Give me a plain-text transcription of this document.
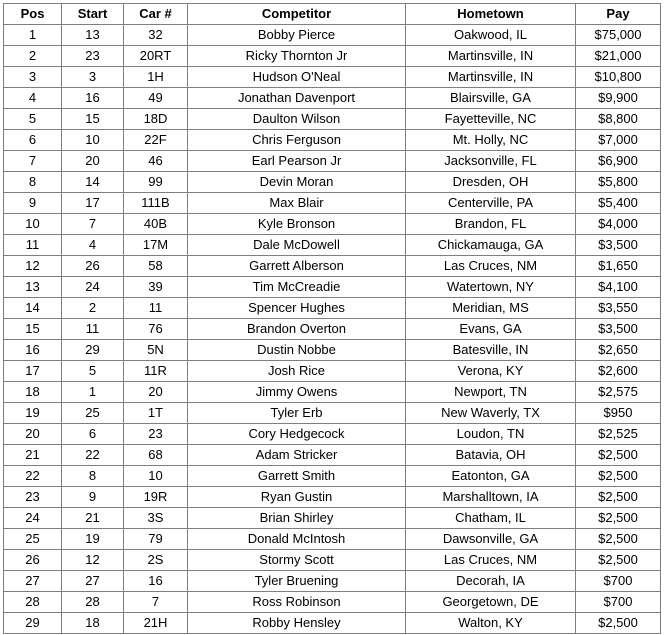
Pos	Start	Car #	Competitor	Hometown	Pay
1	13	32	Bobby Pierce	Oakwood, IL	$75,000
2	23	20RT	Ricky Thornton Jr	Martinsville, IN	$21,000
3	3	1H	Hudson O'Neal	Martinsville, IN	$10,800
4	16	49	Jonathan Davenport	Blairsville, GA	$9,900
5	15	18D	Daulton Wilson	Fayetteville, NC	$8,800
6	10	22F	Chris Ferguson	Mt. Holly, NC	$7,000
7	20	46	Earl Pearson Jr	Jacksonville, FL	$6,900
8	14	99	Devin Moran	Dresden, OH	$5,800
9	17	111B	Max Blair	Centerville, PA	$5,400
10	7	40B	Kyle Bronson	Brandon, FL	$4,000
11	4	17M	Dale McDowell	Chickamauga, GA	$3,500
12	26	58	Garrett Alberson	Las Cruces, NM	$1,650
13	24	39	Tim McCreadie	Watertown, NY	$4,100
14	2	11	Spencer Hughes	Meridian, MS	$3,550
15	11	76	Brandon Overton	Evans, GA	$3,500
16	29	5N	Dustin Nobbe	Batesville, IN	$2,650
17	5	11R	Josh Rice	Verona, KY	$2,600
18	1	20	Jimmy Owens	Newport, TN	$2,575
19	25	1T	Tyler Erb	New Waverly, TX	$950
20	6	23	Cory Hedgecock	Loudon, TN	$2,525
21	22	68	Adam Stricker	Batavia, OH	$2,500
22	8	10	Garrett Smith	Eatonton, GA	$2,500
23	9	19R	Ryan Gustin	Marshalltown, IA	$2,500
24	21	3S	Brian Shirley	Chatham, IL	$2,500
25	19	79	Donald McIntosh	Dawsonville, GA	$2,500
26	12	2S	Stormy Scott	Las Cruces, NM	$2,500
27	27	16	Tyler Bruening	Decorah, IA	$700
28	28	7	Ross Robinson	Georgetown, DE	$700
29	18	21H	Robby Hensley	Walton, KY	$2,500
